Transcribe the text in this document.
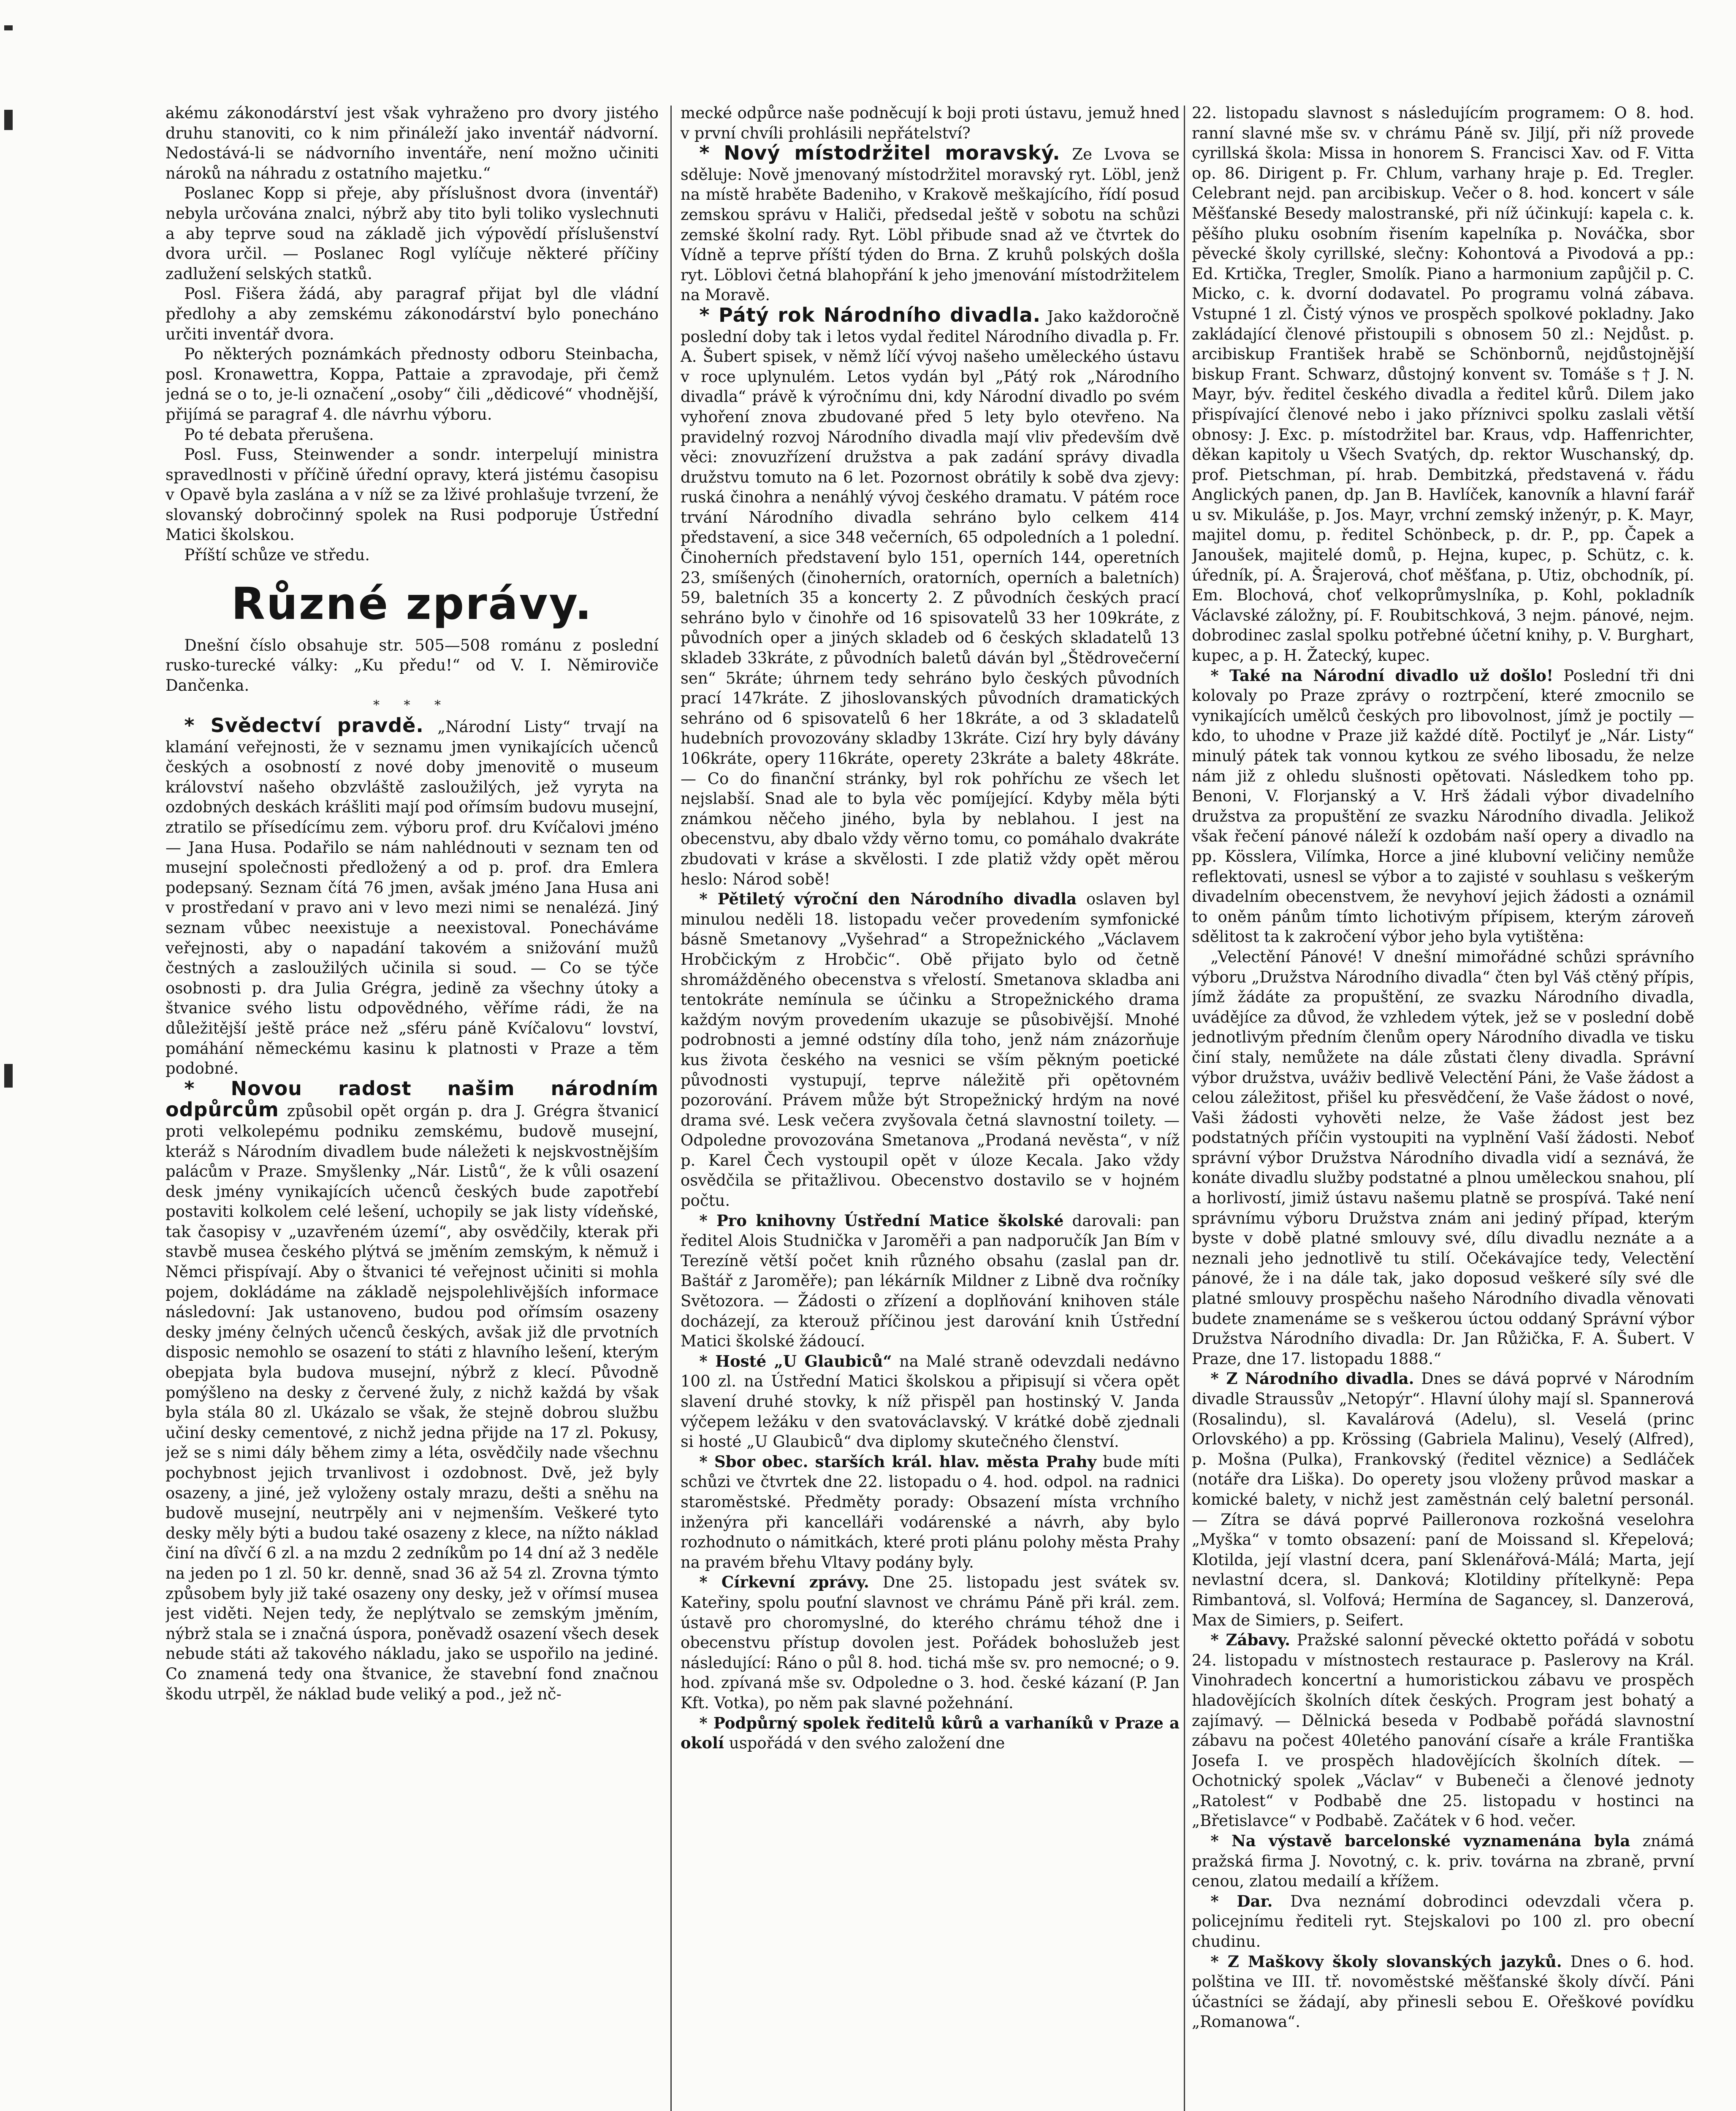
akému zákonodárství jest však vyhraženo pro dvory jistého druhu stanoviti, co k nim přináleží jako inventář nádvorní. Nedostává-li se nádvorního inventáře, není možno učiniti nároků na náhradu z ostatního majetku.“

Poslanec Kopp si přeje, aby příslušnost dvora (inventář) nebyla určována znalci, nýbrž aby tito byli toliko vyslechnuti a aby teprve soud na základě jich výpovědí příslušenství dvora určil. — Poslanec Rogl vylíčuje některé příčiny zadlužení selských statků.

Posl. Fišera žádá, aby paragraf přijat byl dle vládní předlohy a aby zemskému zákonodárství bylo ponecháno určiti inventář dvora.

Po některých poznámkách přednosty odboru Steinbacha, posl. Kronawettra, Koppa, Pattaie a zpravodaje, při čemž jedná se o to, je-li označení „osoby“ čili „dědicové“ vhodnější, přijímá se paragraf 4. dle návrhu výboru.

Po té debata přerušena.

Posl. Fuss, Steinwender a sondr. interpelují ministra spravedlnosti v příčině úřední opravy, která jistému časopisu v Opavě byla zaslána a v níž se za lživé prohlašuje tvrzení, že slovanský dobročinný spolek na Rusi podporuje Ústřední Matici školskou.

Příští schůze ve středu.

Různé zprávy.

Dnešní číslo obsahuje str. 505—508 románu z poslední rusko-turecké války: „Ku předu!“ od V. I. Němiroviče Dančenka.

* * *

* Svědectví pravdě. „Národní Listy“ trvají na klamání veřejnosti, že v seznamu jmen vynikajících učenců českých a osobností z nové doby jmenovitě o museum království našeho obzvláště zasloužilých, jež vyryta na ozdobných deskách krášliti mají pod ořímsím budovu musejní, ztratilo se přísedícímu zem. výboru prof. dru Kvíčalovi jméno — Jana Husa. Podařilo se nám nahlédnouti v seznam ten od musejní společnosti předložený a od p. prof. dra Emlera podepsaný. Seznam čítá 76 jmen, avšak jméno Jana Husa ani v prostředaní v pravo ani v levo mezi nimi se nenalézá. Jiný seznam vůbec neexistuje a neexistoval. Ponecháváme veřejnosti, aby o napadání takovém a snižování mužů čestných a zasloužilých učinila si soud. — Co se týče osobnosti p. dra Julia Grégra, jedině za všechny útoky a štvanice svého listu odpovědného, věříme rádi, že na důležitější ještě práce než „sféru páně Kvíčalovu“ lovství, pomáhání německému kasinu k platnosti v Praze a těm podobné.

* Novou radost našim národním odpůrcům způsobil opět orgán p. dra J. Grégra štvanicí proti velkolepému podniku zemskému, budově musejní, kteráž s Národním divadlem bude náležeti k nejskvostnějším palácům v Praze. Smyšlenky „Nár. Listů“, že k vůli osazení desk jmény vynikajících učenců českých bude zapotřebí postaviti kolkolem celé lešení, uchopily se jak listy vídeňské, tak časopisy v „uzavřeném území“, aby osvědčily, kterak při stavbě musea českého plýtvá se jměním zemským, k němuž i Němci přispívají. Aby o štvanici té veřejnost učiniti si mohla pojem, dokládáme na základě nejspolehlivějších informace následovní: Jak ustanoveno, budou pod ořímsím osazeny desky jmény čelných učenců českých, avšak již dle prvotních disposic nemohlo se osazení to státi z hlavního lešení, kterým obepjata byla budova musejní, nýbrž z klecí. Původně pomýšleno na desky z červené žuly, z nichž každá by však byla stála 80 zl. Ukázalo se však, že stejně dobrou službu učiní desky cementové, z nichž jedna přijde na 17 zl. Pokusy, jež se s nimi dály během zimy a léta, osvědčily nade všechnu pochybnost jejich trvanlivost i ozdobnost. Dvě, jež byly osazeny, a jiné, jež vyloženy ostaly mrazu, dešti a sněhu na budově musejní, neutrpěly ani v nejmenším. Veškeré tyto desky měly býti a budou také osazeny z klece, na nížto náklad činí na dîvčí 6 zl. a na mzdu 2 zedníkům po 14 dní až 3 neděle na jeden po 1 zl. 50 kr. denně, snad 36 až 54 zl. Zrovna týmto způsobem byly již také osazeny ony desky, jež v ořímsí musea jest viděti. Nejen tedy, že neplýtvalo se zemským jměním, nýbrž stala se i značná úspora, poněvadž osazení všech desek nebude státi až takového nákladu, jako se uspořilo na jediné. Co znamená tedy ona štvanice, že stavební fond značnou škodu utrpěl, že náklad bude veliký a pod., jež nč-

mecké odpůrce naše podněcují k boji proti ústavu, jemuž hned v první chvíli prohlásili nepřátelství?

* Nový místodržitel moravský. Ze Lvova se sděluje: Nově jmenovaný místodržitel moravský ryt. Löbl, jenž na místě hraběte Badeniho, v Krakově meškajícího, řídí posud zemskou správu v Haliči, předsedal ještě v sobotu na schůzi zemské školní rady. Ryt. Löbl přibude snad až ve čtvrtek do Vídně a teprve příští týden do Brna. Z kruhů polských došla ryt. Löblovi četná blahopřání k jeho jmenování místodržitelem na Moravě.

* Pátý rok Národního divadla. Jako každoročně poslední doby tak i letos vydal ředitel Národního divadla p. Fr. A. Šubert spisek, v němž líčí vývoj našeho uměleckého ústavu v roce uplynulém. Letos vydán byl „Pátý rok „Národního divadla“ právě k výročnímu dni, kdy Národní divadlo po svém vyhoření znova zbudované před 5 lety bylo otevřeno. Na pravidelný rozvoj Národního divadla mají vliv především dvě věci: znovuzřízení družstva a pak zadání správy divadla družstvu tomuto na 6 let. Pozornost obrátily k sobě dva zjevy: ruská činohra a nenáhlý vývoj českého dramatu. V pátém roce trvání Národního divadla sehráno bylo celkem 414 představení, a sice 348 večerních, 65 odpoledních a 1 polední. Činoherních představení bylo 151, operních 144, operetních 23, smíšených (činoherních, oratorních, operních a baletních) 59, baletních 35 a koncerty 2. Z původních českých prací sehráno bylo v činohře od 16 spisovatelů 33 her 109kráte, z původních oper a jiných skladeb od 6 českých skladatelů 13 skladeb 33kráte, z původních baletů dáván byl „Štědrovečerní sen“ 5kráte; úhrnem tedy sehráno bylo českých původních prací 147kráte. Z jihoslovanských původních dramatických sehráno od 6 spisovatelů 6 her 18kráte, a od 3 skladatelů hudebních provozovány skladby 13kráte. Cizí hry byly dávány 106kráte, opery 116kráte, operety 23kráte a balety 48kráte. — Co do finanční stránky, byl rok pohříchu ze všech let nejslabší. Snad ale to byla věc pomíjející. Kdyby měla býti známkou něčeho jiného, byla by neblahou. I jest na obecenstvu, aby dbalo vždy věrno tomu, co pomáhalo dvakráte zbudovati v kráse a skvělosti. I zde platiž vždy opět měrou heslo: Národ sobě!

* Pětiletý výroční den Národního divadla oslaven byl minulou neděli 18. listopadu večer provedením symfonické básně Smetanovy „Vyšehrad“ a Stropežnického „Václavem Hrobčickým z Hrobčic“. Obě přijato bylo od četně shromážděného obecenstva s vřelostí. Smetanova skladba ani tentokráte nemínula se účinku a Stropežnického drama každým novým provedením ukazuje se působivější. Mnohé podrobnosti a jemné odstíny díla toho, jenž nám znázorňuje kus života českého na vesnici se vším pěkným poetické původnosti vystupují, teprve náležitě při opětovném pozorování. Právem může být Stropežnický hrdým na nové drama své. Lesk večera zvyšovala četná slavnostní toilety. — Odpoledne provozována Smetanova „Prodaná nevěsta“, v níž p. Karel Čech vystoupil opět v úloze Kecala. Jako vždy osvědčila se přitažlivou. Obecenstvo dostavilo se v hojném počtu.

* Pro knihovny Ústřední Matice školské darovali: pan ředitel Alois Studnička v Jaroměři a pan nadporučík Jan Bím v Terezíně větší počet knih různého obsahu (zaslal pan dr. Baštář z Jaroměře); pan lékárník Mildner z Libně dva ročníky Světozora. — Žádosti o zřízení a doplňování knihoven stále docházejí, za kterouž příčinou jest darování knih Ústřední Matici školské žádoucí.

* Hosté „U Glaubiců“ na Malé straně odevzdali nedávno 100 zl. na Ústřední Matici školskou a připisují si včera opět slavení druhé stovky, k níž přispěl pan hostinský V. Janda výčepem ležáku v den svatováclavský. V krátké době zjednali si hosté „U Glaubiců“ dva diplomy skutečného členství.

* Sbor obec. starších král. hlav. města Prahy bude míti schůzi ve čtvrtek dne 22. listopadu o 4. hod. odpol. na radnici staroměstské. Předměty porady: Obsazení místa vrchního inženýra při kancelláři vodárenské a návrh, aby bylo rozhodnuto o námitkách, které proti plánu polohy města Prahy na pravém břehu Vltavy podány byly.

* Církevní zprávy. Dne 25. listopadu jest svátek sv. Kateřiny, spolu pouťní slavnost ve chrámu Páně při král. zem. ústavě pro choromyslné, do kterého chrámu téhož dne i obecenstvu přístup dovolen jest. Pořádek bohoslužeb jest následující: Ráno o půl 8. hod. tichá mše sv. pro nemocné; o 9. hod. zpívaná mše sv. Odpoledne o 3. hod. české kázaní (P. Jan Kft. Votka), po něm pak slavné požehnání.

* Podpůrný spolek ředitelů kůrů a varhaníků v Praze a okolí uspořádá v den svého založení dne

22. listopadu slavnost s následujícím programem: O 8. hod. ranní slavné mše sv. v chrámu Páně sv. Jiljí, při níž provede cyrillská škola: Missa in honorem S. Francisci Xav. od F. Vitta op. 86. Dirigent p. Fr. Chlum, varhany hraje p. Ed. Tregler. Celebrant nejd. pan arcibiskup. Večer o 8. hod. koncert v sále Měšťanské Besedy malostranské, při níž účinkují: kapela c. k. pěšího pluku osobním řisením kapelníka p. Nováčka, sbor pěvecké školy cyrillské, slečny: Kohontová a Pivodová a pp.: Ed. Krtička, Tregler, Smolík. Piano a harmonium zapůjčil p. C. Micko, c. k. dvorní dodavatel. Po programu volná zábava. Vstupné 1 zl. Čistý výnos ve prospěch spolkové pokladny. Jako zakládající členové přistoupili s obnosem 50 zl.: Nejdůst. p. arcibiskup František hrabě se Schönbornů, nejdůstojnější biskup Frant. Schwarz, důstojný konvent sv. Tomáše s † J. N. Mayr, býv. ředitel českého divadla a ředitel kůrů. Dilem jako přispívající členové nebo i jako příznivci spolku zaslali větší obnosy: J. Exc. p. místodržitel bar. Kraus, vdp. Haffenrichter, děkan kapitoly u Všech Svatých, dp. rektor Wuschanský, dp. prof. Pietschman, pí. hrab. Dembitzká, představená v. řádu Anglických panen, dp. Jan B. Havlíček, kanovník a hlavní farář u sv. Mikuláše, p. Jos. Mayr, vrchní zemský inženýr, p. K. Mayr, majitel domu, p. ředitel Schönbeck, p. dr. P., pp. Čapek a Janoušek, majitelé domů, p. Hejna, kupec, p. Schütz, c. k. úředník, pí. A. Šrajerová, choť měšťana, p. Utiz, obchodník, pí. Em. Blochová, choť velkoprůmyslníka, p. Kohl, pokladník Václavské záložny, pí. F. Roubitschková, 3 nejm. pánové, nejm. dobrodinec zaslal spolku potřebné účetní knihy, p. V. Burghart, kupec, a p. H. Žatecký, kupec.

* Také na Národní divadlo už došlo! Poslední tři dni kolovaly po Praze zprávy o roztrpčení, které zmocnilo se vynikajících umělců českých pro libovolnost, jímž je poctily — kdo, to uhodne v Praze již každé dítě. Poctilyť je „Nár. Listy“ minulý pátek tak vonnou kytkou ze svého libosadu, že nelze nám již z ohledu slušnosti opětovati. Následkem toho pp. Benoni, V. Florjanský a V. Hrš žádali výbor divadelního družstva za propuštění ze svazku Národního divadla. Jelikož však řečení pánové náleží k ozdobám naší opery a divadlo na pp. Kösslera, Vilímka, Horce a jiné klubovní veličiny nemůže reflektovati, usnesl se výbor a to zajisté v souhlasu s veškerým divadelním obecenstvem, že nevyhoví jejich žádosti a oznámil to oněm pánům tímto lichotivým přípisem, kterým zároveň sdělitost ta k zakročení výbor jeho byla vytištěna:

„Velectění Pánové! V dnešní mimořádné schůzi správního výboru „Družstva Národního divadla“ čten byl Váš ctěný přípis, jímž žádáte za propuštění, ze svazku Národního divadla, uvádějíce za důvod, že vzhledem výtek, jež se v poslední době jednotlivým předním členům opery Národního divadla ve tisku činí staly, nemůžete na dále zůstati členy divadla. Správní výbor družstva, uváživ bedlivě Velectění Páni, že Vaše žádost a celou záležitost, přišel ku přesvědčení, že Vaše žádost o nové, Vaši žádosti vyhověti nelze, že Vaše žádost jest bez podstatných příčin vystoupiti na vyplnění Vaší žádosti. Neboť správní výbor Družstva Národního divadla vidí a seznává, že konáte divadlu služby podstatné a plnou uměleckou snahou, plí a horlivostí, jimiž ústavu našemu platně se prospívá. Také není správnímu výboru Družstva znám ani jediný případ, kterým byste v době platné smlouvy své, dílu divadlu neznáte a a neznali jeho jednotlivě tu stilí. Očekávajíce tedy, Velectění pánové, že i na dále tak, jako doposud veškeré síly své dle platné smlouvy prospěchu našeho Národního divadla věnovati budete znamenáme se s veškerou úctou oddaný Správní výbor Družstva Národního divadla: Dr. Jan Růžička, F. A. Šubert. V Praze, dne 17. listopadu 1888.“

* Z Národního divadla. Dnes se dává poprvé v Národním divadle Straussův „Netopýr“. Hlavní úlohy mají sl. Spannerová (Rosalindu), sl. Kavalárová (Adelu), sl. Veselá (princ Orlovského) a pp. Krössing (Gabriela Malinu), Veselý (Alfred), p. Mošna (Pulka), Frankovský (ředitel věznice) a Sedláček (notáře dra Liška). Do operety jsou vloženy průvod maskar a komické balety, v nichž jest zaměstnán celý baletní personál. — Zítra se dává poprvé Pailleronova rozkošná veselohra „Myška“ v tomto obsazení: paní de Moissand sl. Křepelová; Klotilda, její vlastní dcera, paní Sklenářová-Málá; Marta, její nevlastní dcera, sl. Danková; Klotildiny přítelkyně: Pepa Rimbantová, sl. Volfová; Hermína de Sagancey, sl. Danzerová, Max de Simiers, p. Seifert.

* Zábavy. Pražské salonní pěvecké oktetto pořádá v sobotu 24. listopadu v místnostech restaurace p. Paslerovy na Král. Vinohradech koncertní a humoristickou zábavu ve prospěch hladovějících školních dítek českých. Program jest bohatý a zajímavý. — Dělnická beseda v Podbabě pořádá slavnostní zábavu na počest 40letého panování císaře a krále Františka Josefa I. ve prospěch hladovějících školních dítek. — Ochotnický spolek „Václav“ v Bubeneči a členové jednoty „Ratolest“ v Podbabě dne 25. listopadu v hostinci na „Břetislavce“ v Podbabě. Začátek v 6 hod. večer.

* Na výstavě barcelonské vyznamenána byla známá pražská firma J. Novotný, c. k. priv. továrna na zbraně, první cenou, zlatou medailí a křížem.

* Dar. Dva neznámí dobrodinci odevzdali včera p. policejnímu řediteli ryt. Stejskalovi po 100 zl. pro obecní chudinu.

* Z Maškovy školy slovanských jazyků. Dnes o 6. hod. polština ve III. tř. novoměstské měšťanské školy dívčí. Páni účastníci se žádají, aby přinesli sebou E. Ořeškové povídku „Romanowa“.
